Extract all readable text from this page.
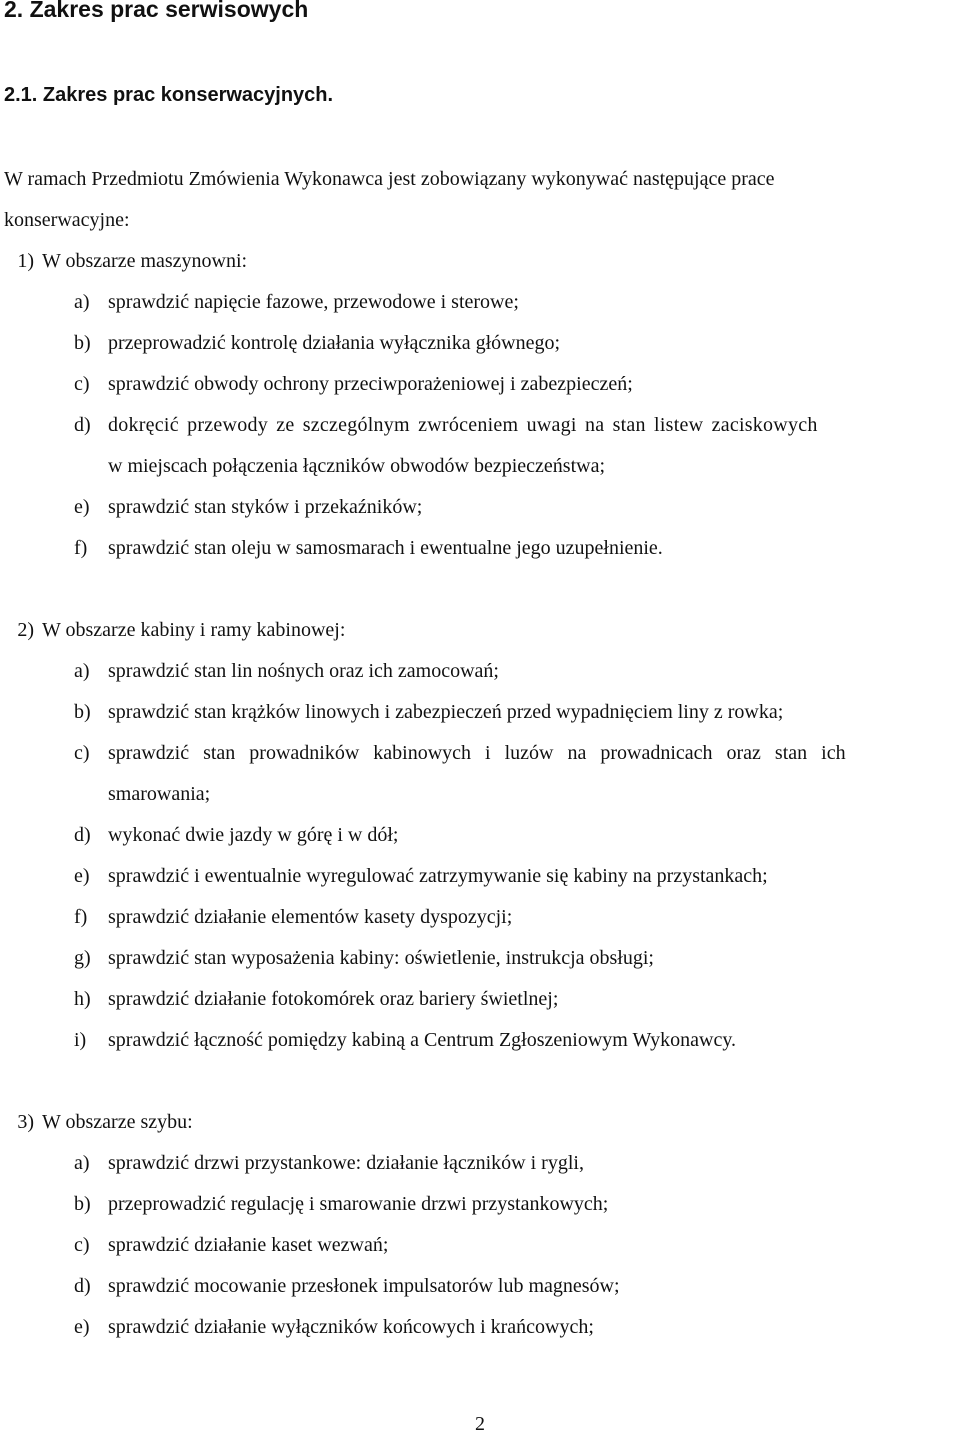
2. Zakres prac serwisowych
2.1. Zakres prac konserwacyjnych.

W ramach Przedmiotu Zmówienia Wykonawca jest zobowiązany wykonywać następujące prace

konserwacyjne:

1) W obszarze maszynowni:

a) sprawdzić napięcie fazowe, przewodowe i sterowe;

b) przeprowadzić kontrolę działania wyłącznika głównego;

c) sprawdzić obwody ochrony przeciwporażeniowej i zabezpieczeń;

d) dokręcić przewody ze szczególnym zwróceniem uwagi na stan listew zaciskowych

w miejscach połączenia łączników obwodów bezpieczeństwa;

e) sprawdzić stan styków i przekaźników;

f) sprawdzić stan oleju w samosmarach i ewentualne jego uzupełnienie.

2) W obszarze kabiny i ramy kabinowej:

a) sprawdzić stan lin nośnych oraz ich zamocowań;

b) sprawdzić stan krążków linowych i zabezpieczeń przed wypadnięciem liny z rowka;

c) sprawdzić stan prowadników kabinowych i luzów na prowadnicach oraz stan ich

smarowania;

d) wykonać dwie jazdy w górę i w dół;

e) sprawdzić i ewentualnie wyregulować zatrzymywanie się kabiny na przystankach;

f) sprawdzić działanie elementów kasety dyspozycji;

g) sprawdzić stan wyposażenia kabiny: oświetlenie, instrukcja obsługi;

h) sprawdzić działanie fotokomórek oraz bariery świetlnej;

i) sprawdzić łączność pomiędzy kabiną a Centrum Zgłoszeniowym Wykonawcy.

3) W obszarze szybu:

a) sprawdzić drzwi przystankowe: działanie łączników i rygli,

b) przeprowadzić regulację i smarowanie drzwi przystankowych;

c) sprawdzić działanie kaset wezwań;

d) sprawdzić mocowanie przesłonek impulsatorów lub magnesów;

e) sprawdzić działanie wyłączników końcowych i krańcowych;

2
